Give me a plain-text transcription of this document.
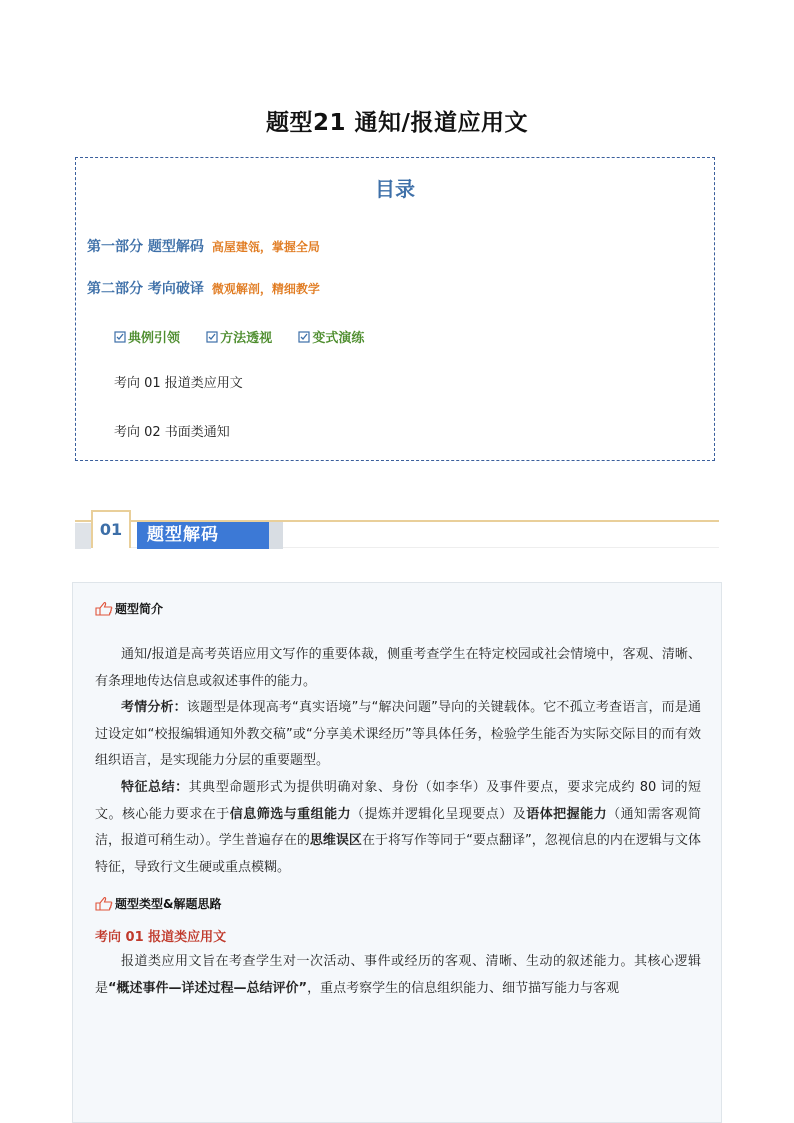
题型21 通知/报道应用文
目录
第一部分 题型解码 高屋建瓴，掌握全局
第二部分 考向破译 微观解剖，精细教学
典例引领
	方法透视
	变式演练
考向 01 报道类应用文
考向 02 书面类通知
01	题型解码
题型简介

通知/报道是高考英语应用文写作的重要体裁，侧重考查学生在特定校园或社会情境中，客观、清晰、有条理地传达信息或叙述事件的能力。

考情分析：该题型是体现高考“真实语境”与“解决问题”导向的关键载体。它不孤立考查语言，而是通过设定如“校报编辑通知外教交稿”或“分享美术课经历”等具体任务，检验学生能否为实际交际目的而有效组织语言，是实现能力分层的重要题型。

特征总结：其典型命题形式为提供明确对象、身份（如李华）及事件要点，要求完成约 80 词的短文。核心能力要求在于信息筛选与重组能力（提炼并逻辑化呈现要点）及语体把握能力（通知需客观简洁，报道可稍生动）。学生普遍存在的思维误区在于将写作等同于“要点翻译”，忽视信息的内在逻辑与文体特征，导致行文生硬或重点模糊。

题型类型&解题思路
考向 01 报道类应用文

报道类应用文旨在考查学生对一次活动、事件或经历的客观、清晰、生动的叙述能力。其核心逻辑是“概述事件—详述过程—总结评价”，重点考察学生的信息组织能力、细节描写能力与客观
